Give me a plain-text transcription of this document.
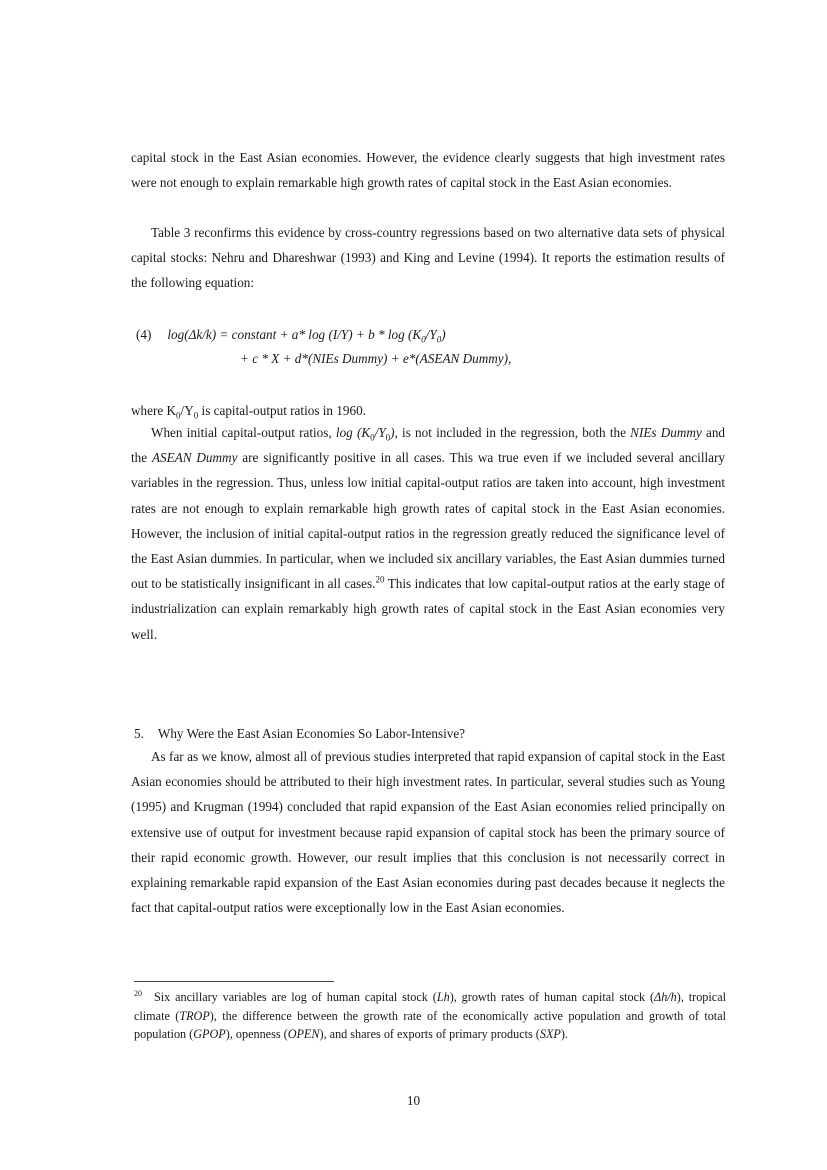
capital stock in the East Asian economies. However, the evidence clearly suggests that high investment rates were not enough to explain remarkable high growth rates of capital stock in the East Asian economies.
Table 3 reconfirms this evidence by cross-country regressions based on two alternative data sets of physical capital stocks: Nehru and Dhareshwar (1993) and King and Levine (1994). It reports the estimation results of the following equation:
(4) log(Δk/k) = constant + a* $\log (I/Y) + b * \log (K_0/Y_0)$
+ c * X + d*(NIEs Dummy) + e*(ASEAN Dummy),
where $K_0/Y_0$ is capital-output ratios in 1960.
When initial capital-output ratios, $\log (K_0/Y_0)$, is not included in the regression, both the NIEs Dummy and the ASEAN Dummy are significantly positive in all cases. This wa true even if we included several ancillary variables in the regression. Thus, unless low initial capital-output ratios are taken into account, high investment rates are not enough to explain remarkable high growth rates of capital stock in the East Asian economies. However, the inclusion of initial capital-output ratios in the regression greatly reduced the significance level of the East Asian dummies. In particular, when we included six ancillary variables, the East Asian dummies turned out to be statistically insignificant in all cases.$^{20}$ This indicates that low capital-output ratios at the early stage of industrialization can explain remarkably high growth rates of capital stock in the East Asian economies very well.
5. Why Were the East Asian Economies So Labor-Intensive?
As far as we know, almost all of previous studies interpreted that rapid expansion of capital stock in the East Asian economies should be attributed to their high investment rates. In particular, several studies such as Young (1995) and Krugman (1994) concluded that rapid expansion of the East Asian economies relied principally on extensive use of output for investment because rapid expansion of capital stock has been the primary source of their rapid economic growth. However, our result implies that this conclusion is not necessarily correct in explaining remarkable rapid expansion of the East Asian economies during past decades because it neglects the fact that capital-output ratios were exceptionally low in the East Asian economies.
$^{20}$ Six ancillary variables are log of human capital stock (Lh), growth rates of human capital stock (Δh/h), tropical climate (TROP), the difference between the growth rate of the economically active population and growth of total population (GPOP), openness (OPEN), and shares of exports of primary products (SXP).
10
